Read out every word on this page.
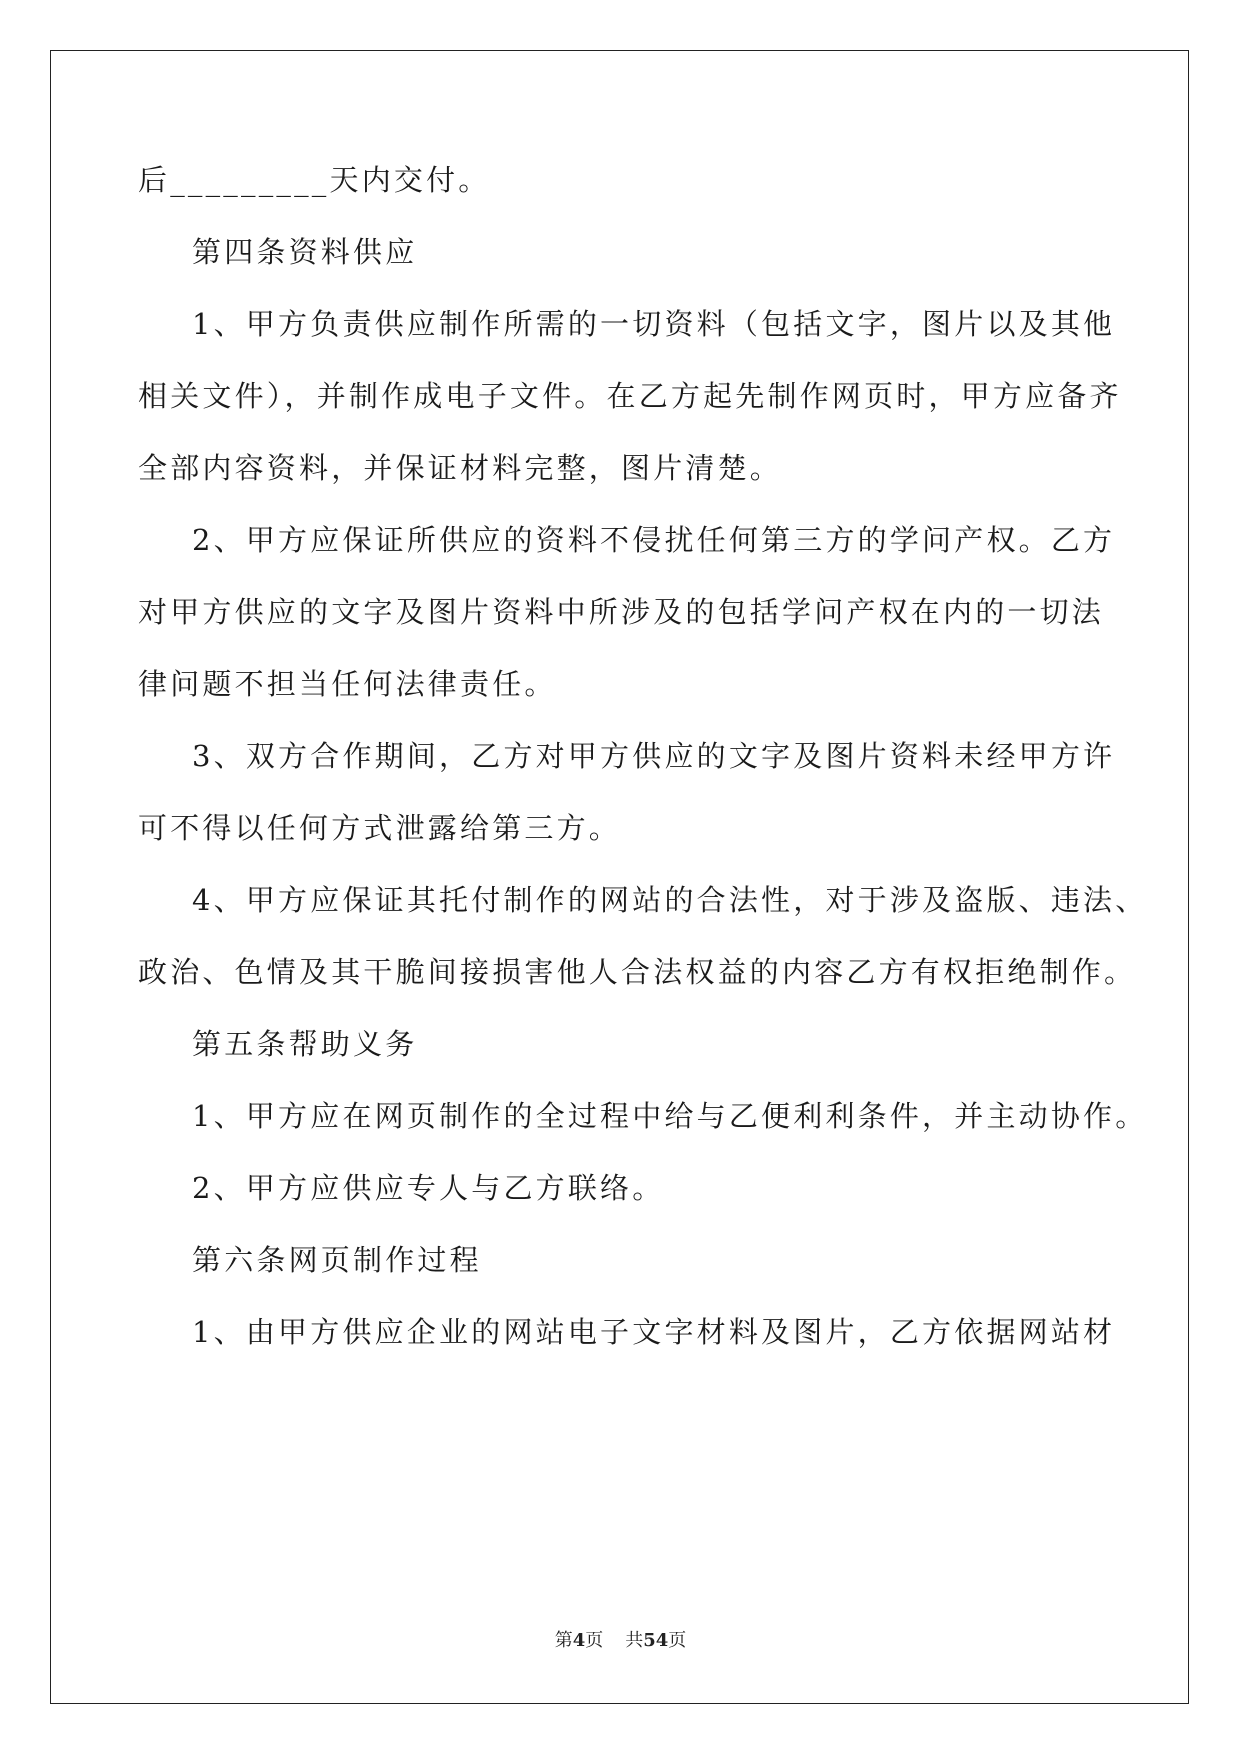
后_________天内交付。
第四条资料供应
1、甲方负责供应制作所需的一切资料（包括文字，图片以及其他
相关文件），并制作成电子文件。在乙方起先制作网页时，甲方应备齐
全部内容资料，并保证材料完整，图片清楚。
2、甲方应保证所供应的资料不侵扰任何第三方的学问产权。乙方
对甲方供应的文字及图片资料中所涉及的包括学问产权在内的一切法
律问题不担当任何法律责任。
3、双方合作期间，乙方对甲方供应的文字及图片资料未经甲方许
可不得以任何方式泄露给第三方。
4、甲方应保证其托付制作的网站的合法性，对于涉及盗版、违法、
政治、色情及其干脆间接损害他人合法权益的内容乙方有权拒绝制作。
第五条帮助义务
1、甲方应在网页制作的全过程中给与乙便利利条件，并主动协作。
2、甲方应供应专人与乙方联络。
第六条网页制作过程
1、由甲方供应企业的网站电子文字材料及图片，乙方依据网站材
第4页 共54页
